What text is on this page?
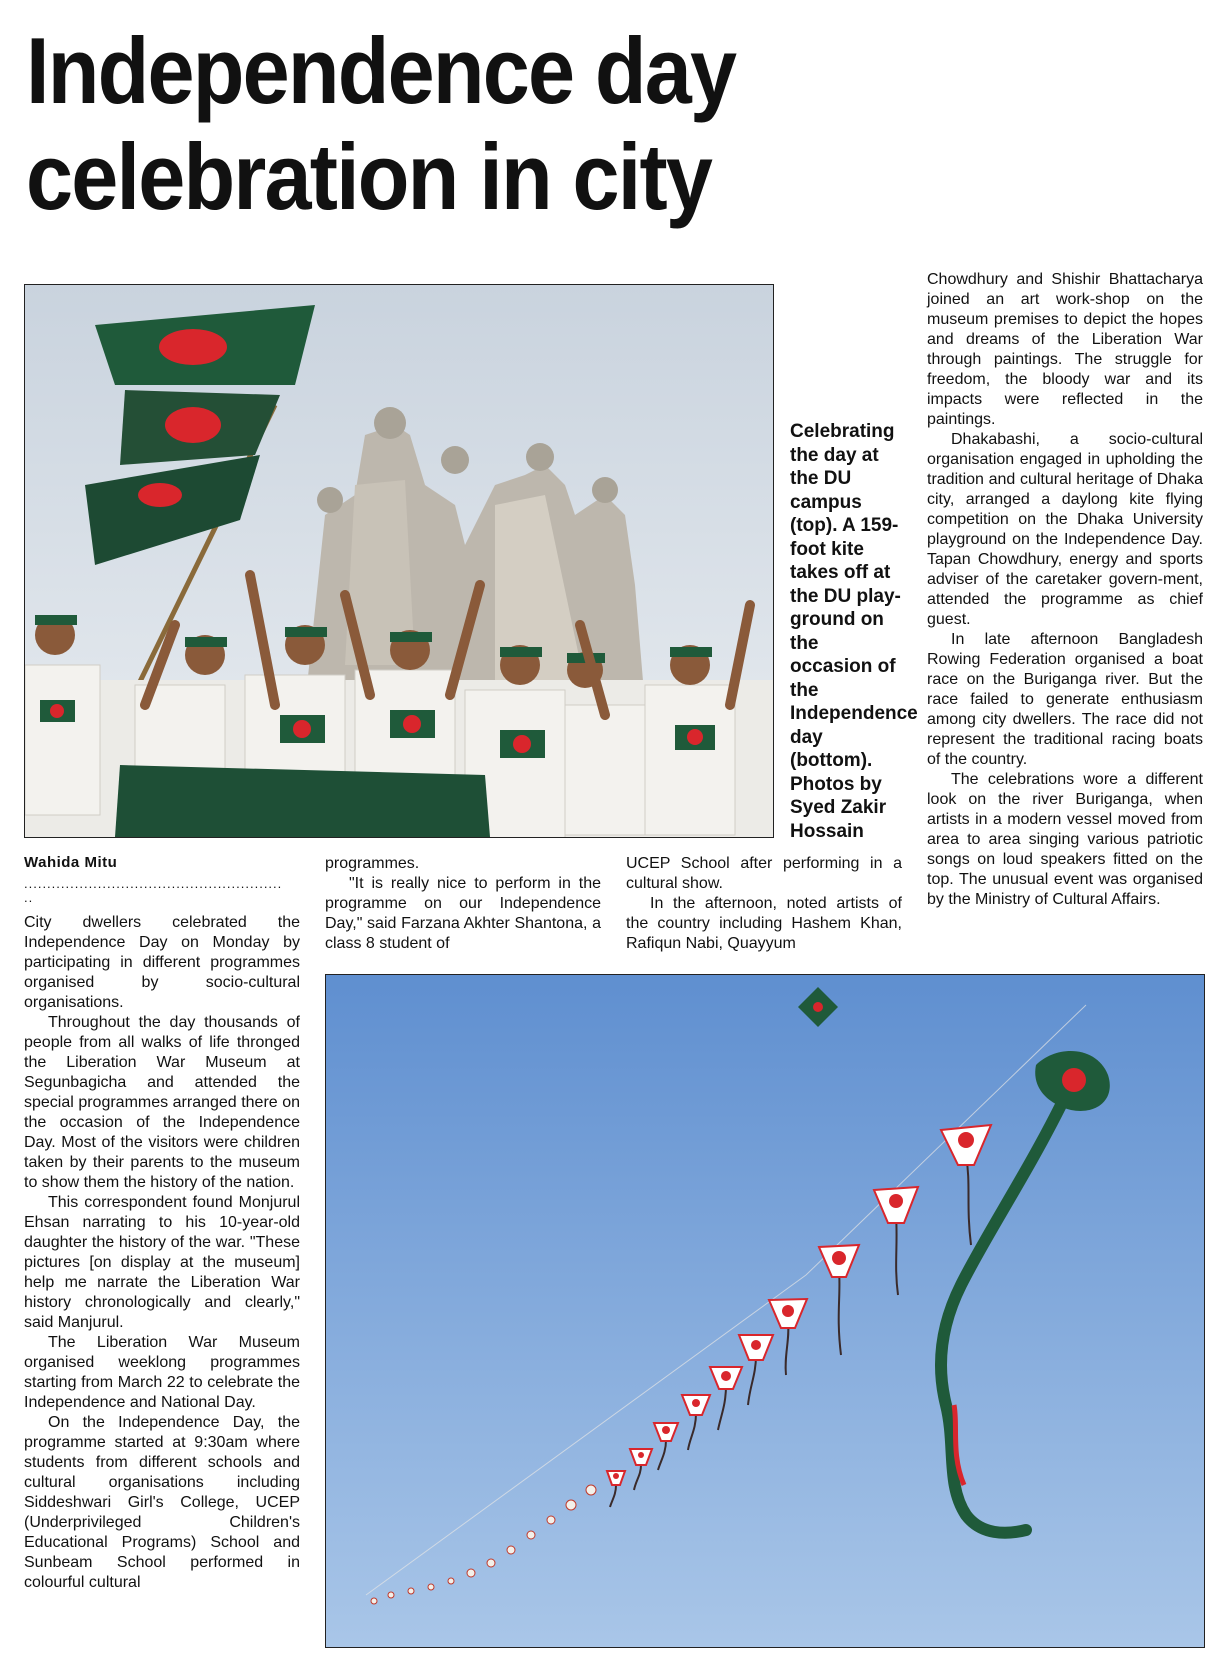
Independence day celebration in city
Celebrating the day at the DU campus (top). A 159-foot kite takes off at the DU play-ground on the occasion of the Independence day (bottom). Photos by Syed Zakir Hossain
Wahida Mitu
........................................................
..

City dwellers celebrated the Independence Day on Monday by participating in different programmes organised by socio-cultural organisations.

Throughout the day thousands of people from all walks of life thronged the Liberation War Museum at Segunbagicha and attended the special programmes arranged there on the occasion of the Independence Day. Most of the visitors were children taken by their parents to the museum to show them the history of the nation.

This correspondent found Monjurul Ehsan narrating to his 10-year-old daughter the history of the war. "These pictures [on display at the museum] help me narrate the Liberation War history chronologically and clearly," said Manjurul.

The Liberation War Museum organised weeklong programmes starting from March 22 to celebrate the Independence and National Day.

On the Independence Day, the programme started at 9:30am where students from different schools and cultural organisations including Siddeshwari Girl's College, UCEP (Underprivileged Children's Educational Programs) School and Sunbeam School performed in colourful cultural

programmes.

"It is really nice to perform in the programme on our Independence Day," said Farzana Akhter Shantona, a class 8 student of

UCEP School after performing in a cultural show.

In the afternoon, noted artists of the country including Hashem Khan, Rafiqun Nabi, Quayyum

Chowdhury and Shishir Bhattacharya joined an art work-shop on the museum premises to depict the hopes and dreams of the Liberation War through paintings. The struggle for freedom, the bloody war and its impacts were reflected in the paintings.

Dhakabashi, a socio-cultural organisation engaged in upholding the tradition and cultural heritage of Dhaka city, arranged a daylong kite flying competition on the Dhaka University playground on the Independence Day. Tapan Chowdhury, energy and sports adviser of the caretaker govern-ment, attended the programme as chief guest.

In late afternoon Bangladesh Rowing Federation organised a boat race on the Buriganga river. But the race failed to generate enthusiasm among city dwellers. The race did not represent the traditional racing boats of the country.

The celebrations wore a different look on the river Buriganga, when artists in a modern vessel moved from area to area singing various patriotic songs on loud speakers fitted on the top. The unusual event was organised by the Ministry of Cultural Affairs.
